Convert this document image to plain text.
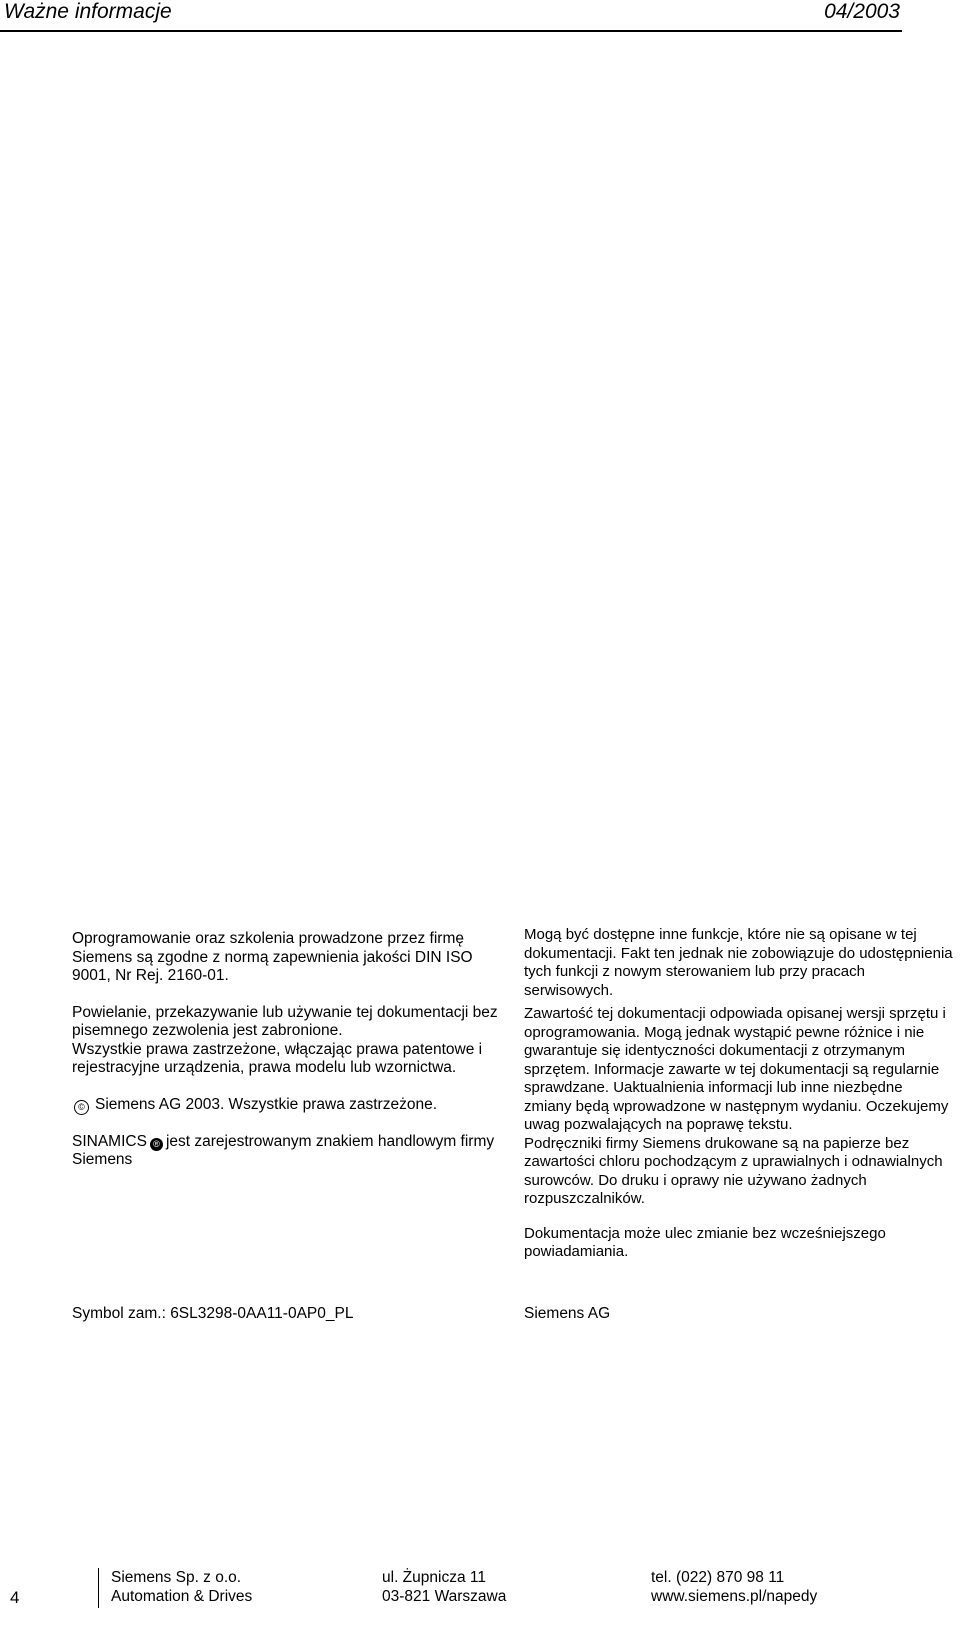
Ważne informacje	04/2003

Oprogramowanie oraz szkolenia prowadzone przez firmę Siemens są zgodne z normą zapewnienia jakości DIN ISO 9001, Nr Rej. 2160-01.

Powielanie, przekazywanie lub używanie tej dokumentacji bez pisemnego zezwolenia jest zabronione.

Wszystkie prawa zastrzeżone, włączając prawa patentowe i rejestracyjne urządzenia, prawa modelu lub wzornictwa.

© Siemens AG 2003. Wszystkie prawa zastrzeżone.

SINAMICS ® jest zarejestrowanym znakiem handlowym firmy Siemens

Symbol zam.: 6SL3298-0AA11-0AP0_PL

Mogą być dostępne inne funkcje, które nie są opisane w tej dokumentacji. Fakt ten jednak nie zobowiązuje do udostępnienia tych funkcji z nowym sterowaniem lub przy pracach serwisowych.

Zawartość tej dokumentacji odpowiada opisanej wersji sprzętu i oprogramowania. Mogą jednak wystąpić pewne różnice i nie gwarantuje się identyczności dokumentacji z otrzymanym sprzętem. Informacje zawarte w tej dokumentacji są regularnie sprawdzane. Uaktualnienia informacji lub inne niezbędne zmiany będą wprowadzone w następnym wydaniu. Oczekujemy uwag pozwalających na poprawę tekstu.

Podręczniki firmy Siemens drukowane są na papierze bez zawartości chloru pochodzącym z uprawialnych i odnawialnych surowców. Do druku i oprawy nie używano żadnych rozpuszczalników.

Dokumentacja może ulec zmianie bez wcześniejszego powiadamiania.

Siemens AG
4
Siemens Sp. z o.o.
Automation & Drives
ul. Żupnicza 11
03-821 Warszawa
tel. (022) 870 98 11
www.siemens.pl/napedy
